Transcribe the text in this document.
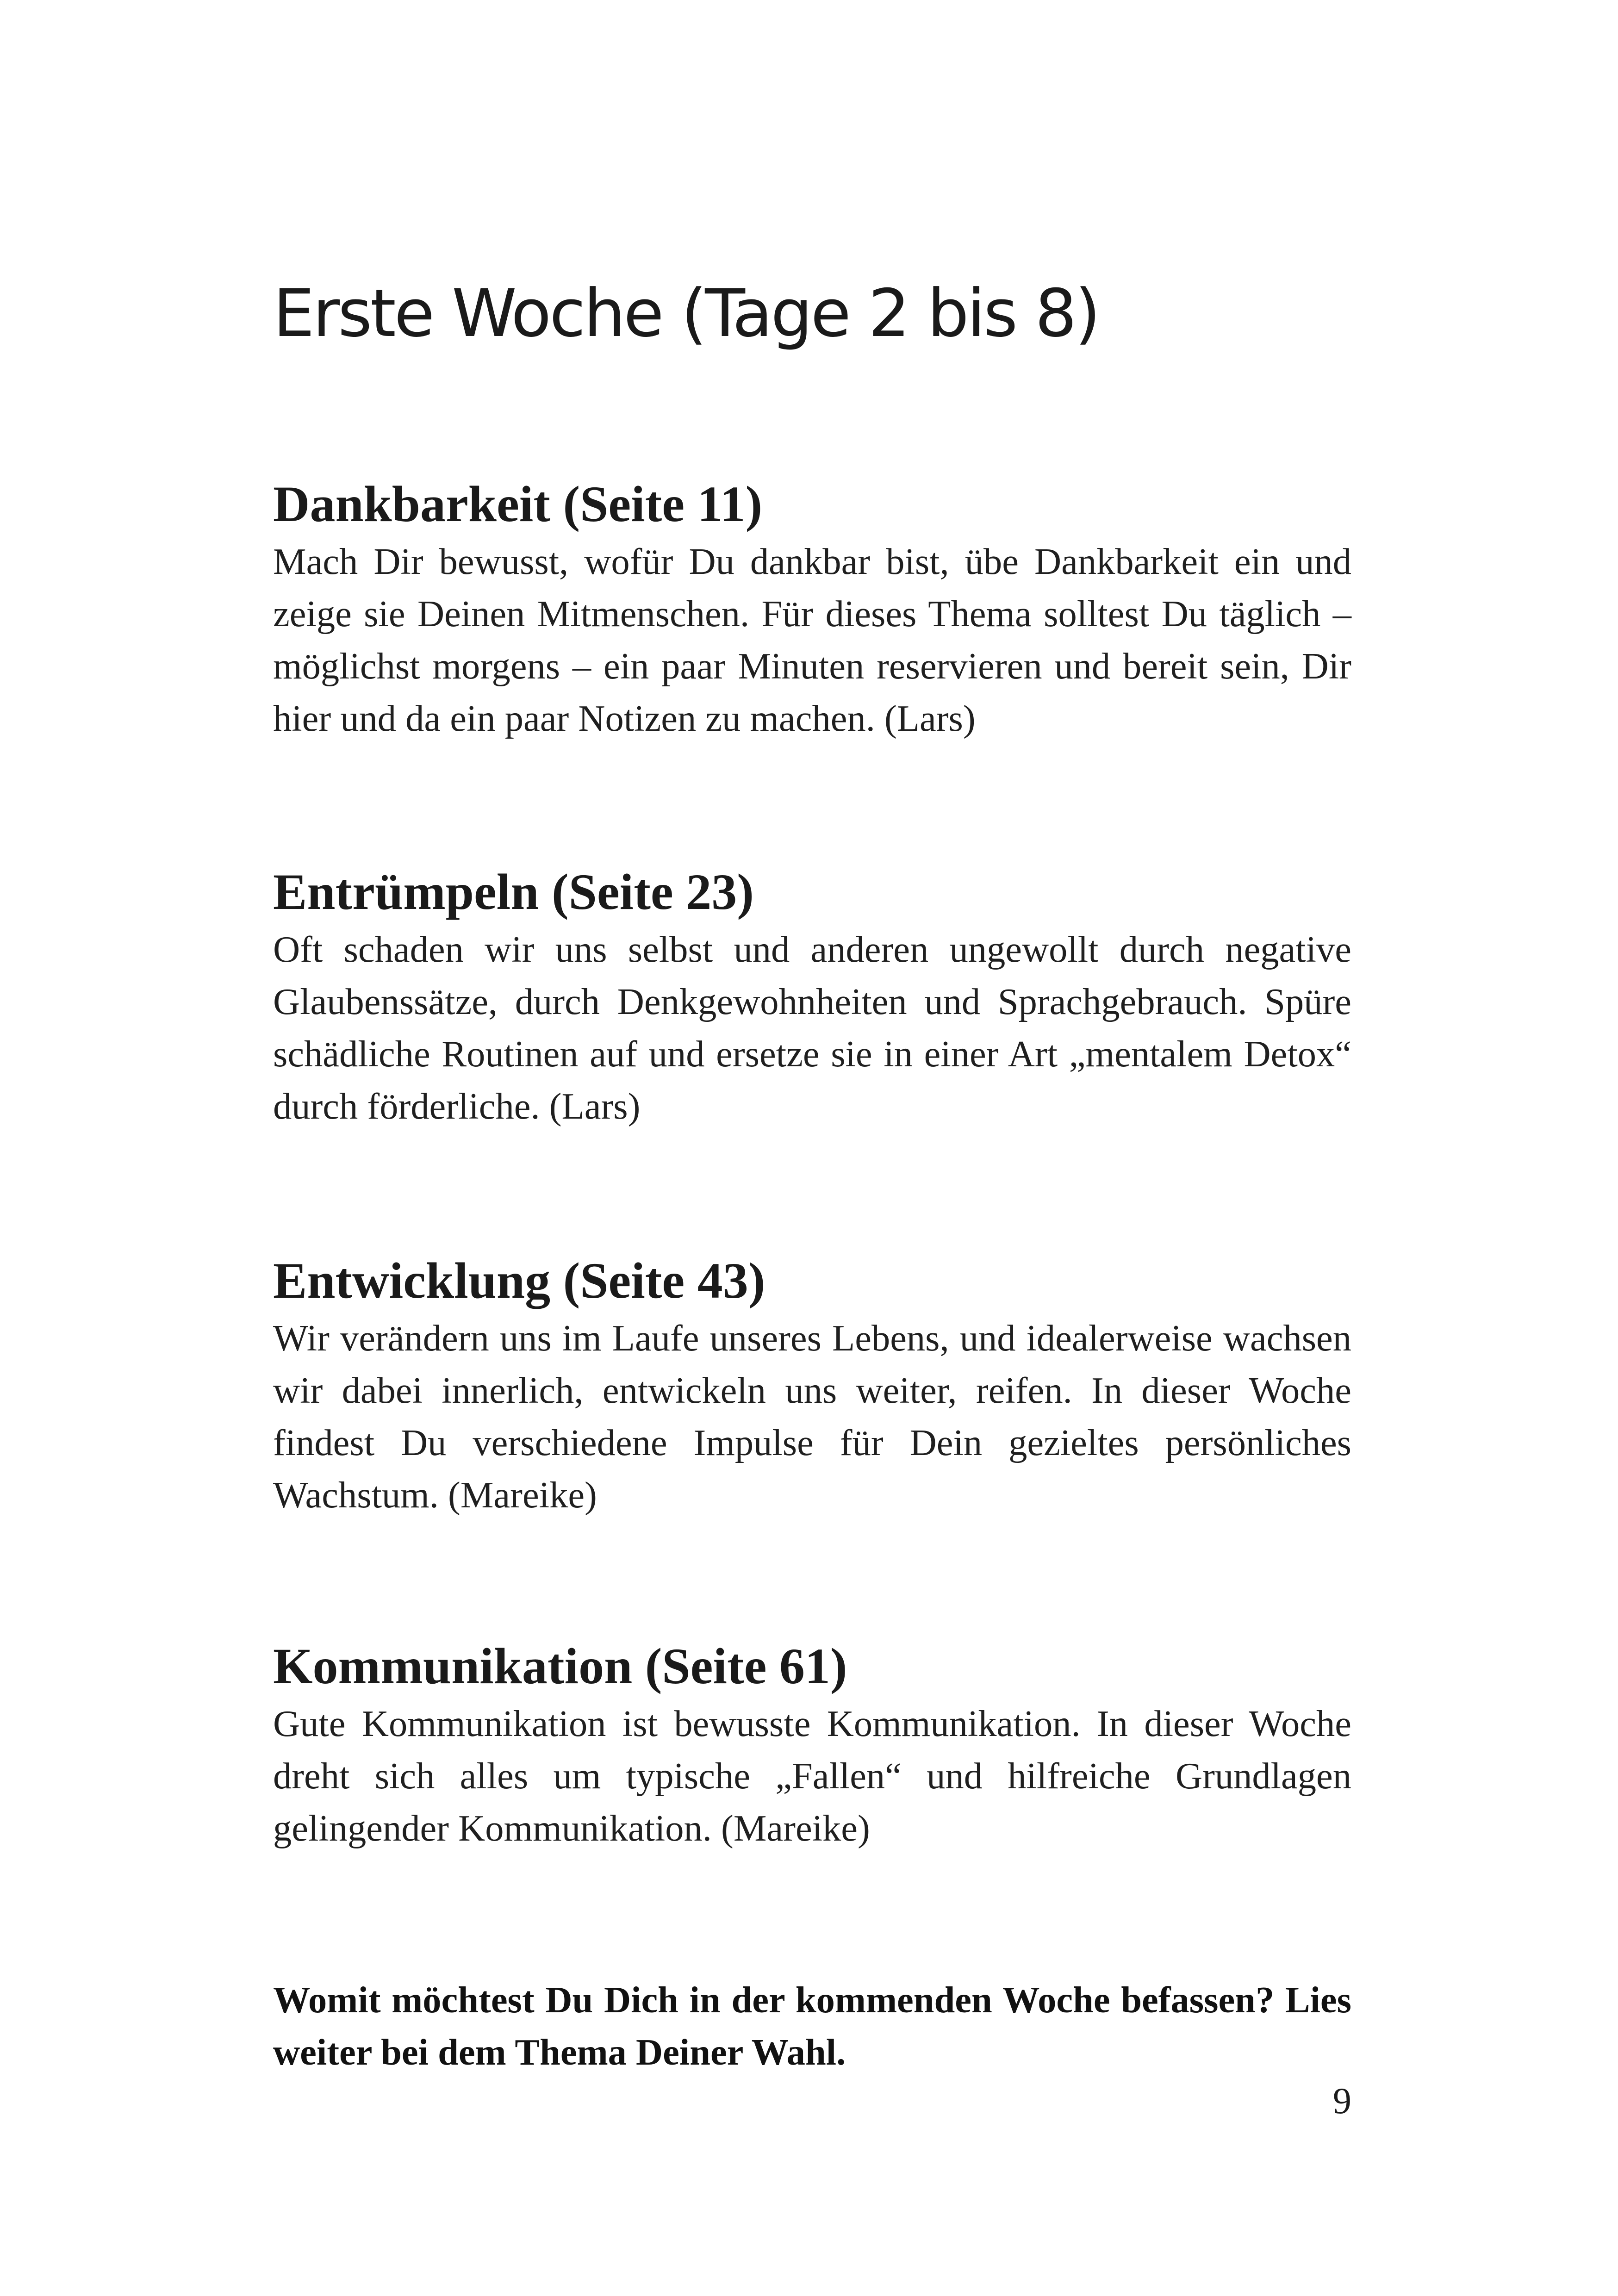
Erste Woche (Tage 2 bis 8)
Dankbarkeit (Seite 11)

Mach Dir bewusst, wofür Du dankbar bist, übe Dankbarkeit ein und zeige sie Deinen Mitmenschen. Für dieses Thema solltest Du täglich – möglichst morgens – ein paar Minuten reservieren und bereit sein, Dir hier und da ein paar Notizen zu machen. (Lars)

Entrümpeln (Seite 23)

Oft schaden wir uns selbst und anderen ungewollt durch negative Glaubenssätze, durch Denkgewohnheiten und Sprachgebrauch. Spüre schädliche Routinen auf und ersetze sie in einer Art „mentalem Detox“ durch förderliche. (Lars)

Entwicklung (Seite 43)

Wir verändern uns im Laufe unseres Lebens, und idealerweise wachsen wir dabei innerlich, entwickeln uns weiter, reifen. In dieser Woche findest Du verschiedene Impulse für Dein gezieltes persönliches Wachstum. (Mareike)

Kommunikation (Seite 61)

Gute Kommunikation ist bewusste Kommunikation. In dieser Woche dreht sich alles um typische „Fallen“ und hilfreiche Grundlagen gelingender Kommunikation. (Mareike)

Womit möchtest Du Dich in der kommenden Woche befassen? Lies weiter bei dem Thema Deiner Wahl.

9
